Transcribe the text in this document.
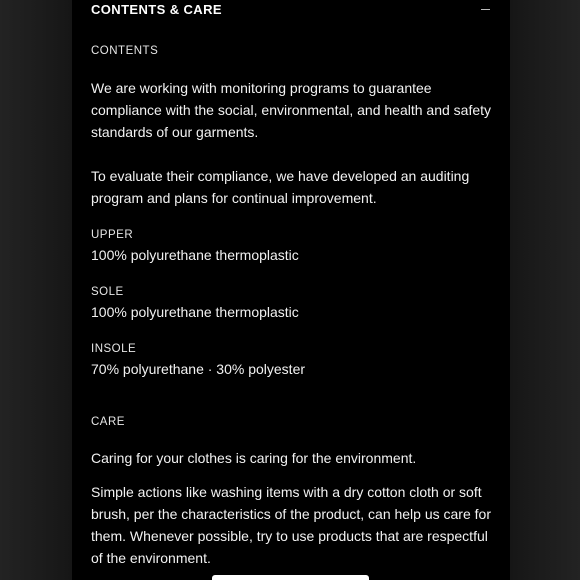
CONTENTS & CARE
CONTENTS
We are working with monitoring programs to guarantee compliance with the social, environmental, and health and safety standards of our garments.
To evaluate their compliance, we have developed an auditing program and plans for continual improvement.
UPPER
100% polyurethane thermoplastic
SOLE
100% polyurethane thermoplastic
INSOLE
70% polyurethane · 30% polyester
CARE
Caring for your clothes is caring for the environment.
Simple actions like washing items with a dry cotton cloth or soft brush, per the characteristics of the product, can help us care for them. Whenever possible, try to use products that are respectful of the environment.
